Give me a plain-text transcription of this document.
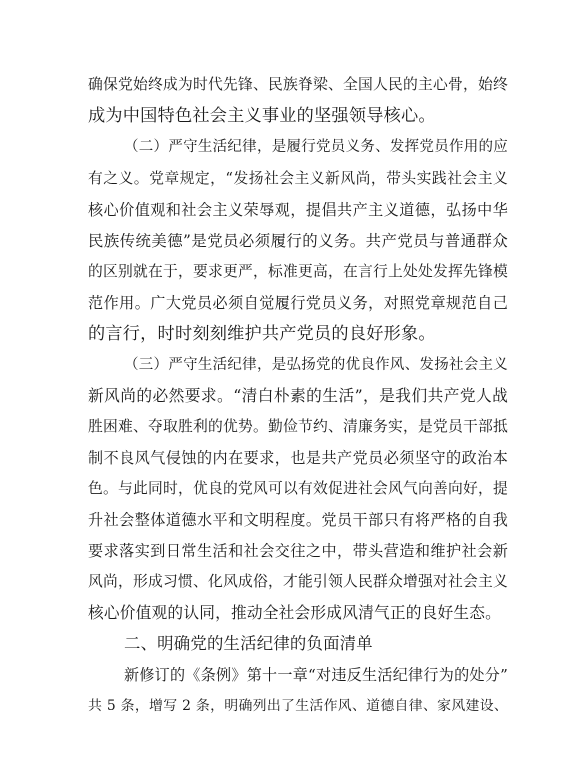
确保党始终成为时代先锋、民族脊梁、全国人民的主心骨，始终
成为中国特色社会主义事业的坚强领导核心。
（二）严守生活纪律，是履行党员义务、发挥党员作用的应
有之义。党章规定，“发扬社会主义新风尚，带头实践社会主义
核心价值观和社会主义荣辱观，提倡共产主义道德，弘扬中华
民族传统美德”是党员必须履行的义务。共产党员与普通群众
的区别就在于，要求更严，标准更高，在言行上处处发挥先锋模
范作用。广大党员必须自觉履行党员义务，对照党章规范自己
的言行，时时刻刻维护共产党员的良好形象。
（三）严守生活纪律，是弘扬党的优良作风、发扬社会主义
新风尚的必然要求。“清白朴素的生活”，是我们共产党人战
胜困难、夺取胜利的优势。勤俭节约、清廉务实，是党员干部抵
制不良风气侵蚀的内在要求，也是共产党员必须坚守的政治本
色。与此同时，优良的党风可以有效促进社会风气向善向好，提
升社会整体道德水平和文明程度。党员干部只有将严格的自我
要求落实到日常生活和社会交往之中，带头营造和维护社会新
风尚，形成习惯、化风成俗，才能引领人民群众增强对社会主义
核心价值观的认同，推动全社会形成风清气正的良好生态。
二、明确党的生活纪律的负面清单
新修订的《条例》第十一章“对违反生活纪律行为的处分”
共 5 条，增写 2 条，明确列出了生活作风、道德自律、家风建设、
